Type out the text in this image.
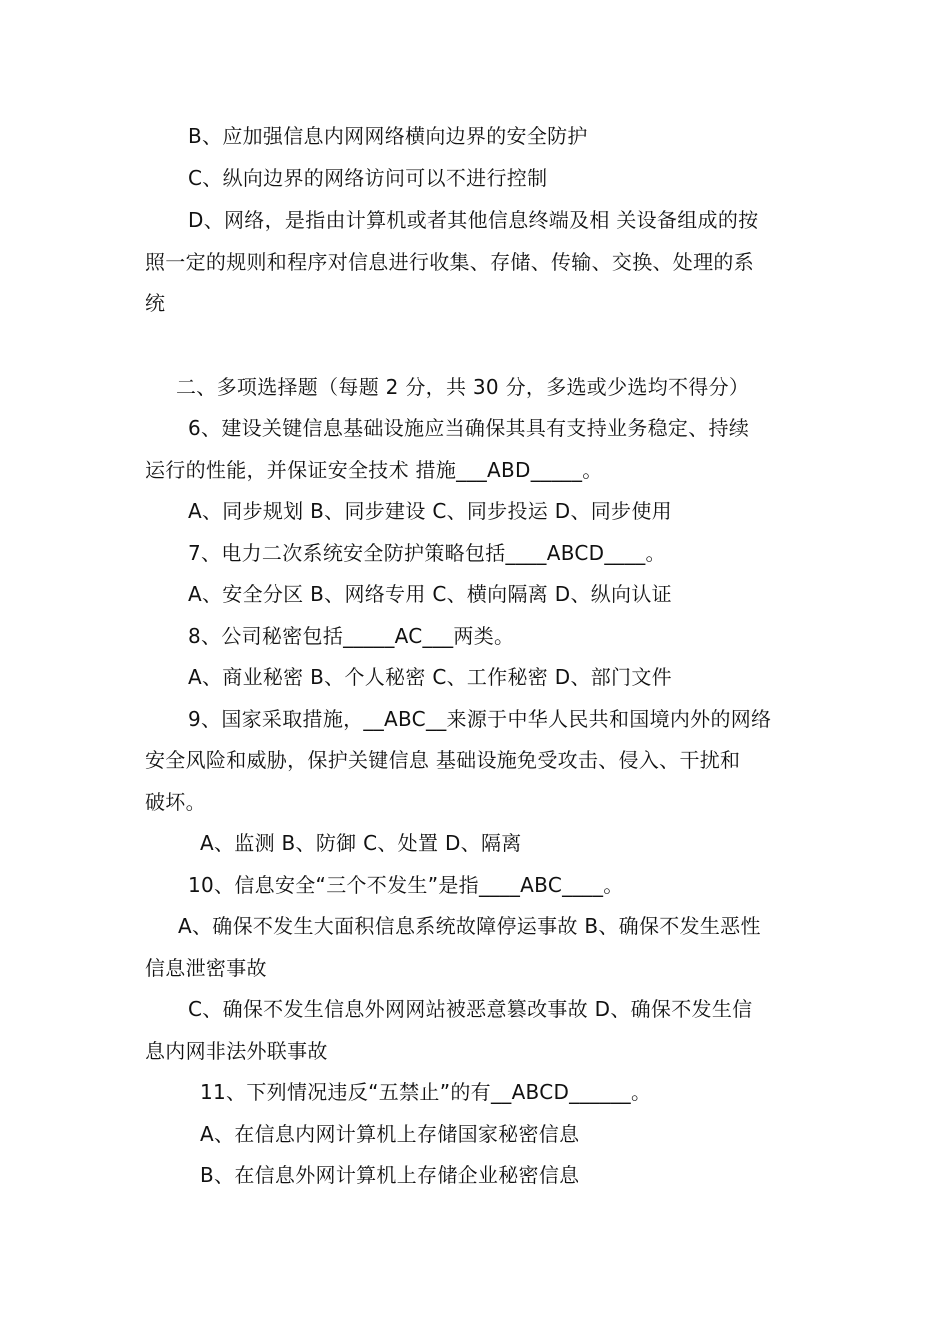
B、应加强信息内网网络横向边界的安全防护
C、纵向边界的网络访问可以不进行控制
D、网络，是指由计算机或者其他信息终端及相 关设备组成的按
照一定的规则和程序对信息进行收集、存储、传输、交换、处理的系
统
二、多项选择题（每题 2 分，共 30 分，多选或少选均不得分）
6、建设关键信息基础设施应当确保其具有支持业务稳定、持续
运行的性能，并保证安全技术 措施___ABD_____。
A、同步规划 B、同步建设 C、同步投运 D、同步使用
7、电力二次系统安全防护策略包括____ABCD____。
A、安全分区 B、网络专用 C、横向隔离 D、纵向认证
8、公司秘密包括_____AC___两类。
A、商业秘密 B、个人秘密 C、工作秘密 D、部门文件
9、国家采取措施，__ABC__来源于中华人民共和国境内外的网络
安全风险和威胁，保护关键信息 基础设施免受攻击、侵入、干扰和
破坏。
A、监测 B、防御 C、处置 D、隔离
10、信息安全“三个不发生”是指____ABC____。
A、确保不发生大面积信息系统故障停运事故 B、确保不发生恶性
信息泄密事故
C、确保不发生信息外网网站被恶意篡改事故 D、确保不发生信
息内网非法外联事故
11、下列情况违反“五禁止”的有__ABCD______。
A、在信息内网计算机上存储国家秘密信息
B、在信息外网计算机上存储企业秘密信息
